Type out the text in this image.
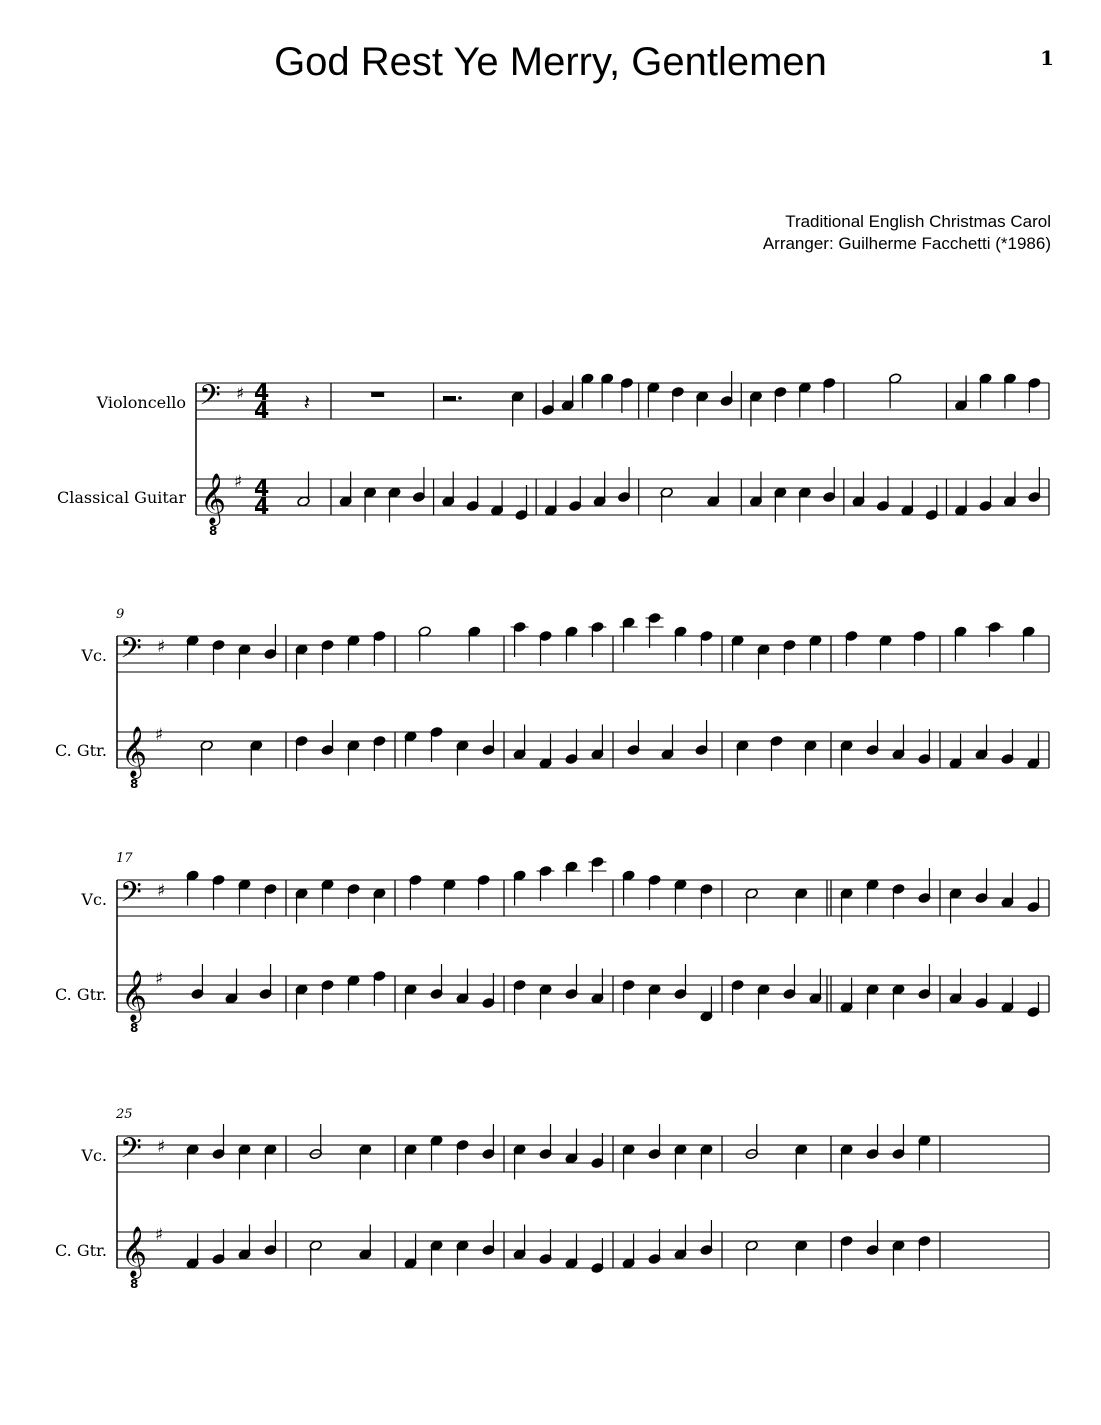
God Rest Ye Merry, Gentlemen	1
Traditional English Christmas Carol
Arranger: Guilherme Facchetti (*1986)
Violoncello
Classical Guitar
𝄢
𝄞
8
♯
♯
4
4
4
4
𝄽
Vc.
C. Gtr.
9
𝄢
𝄞
8
♯
♯
Vc.
C. Gtr.
17
𝄢
𝄞
8
♯
♯
Vc.
C. Gtr.
25
𝄢
𝄞
8
♯
♯
